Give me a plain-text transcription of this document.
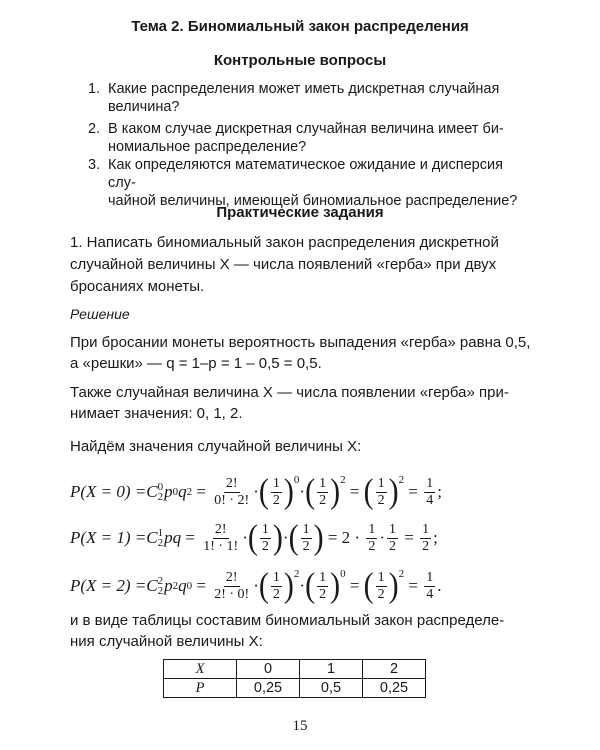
Тема 2. Биномиальный закон распределения
Контрольные вопросы
1. Какие распределения может иметь дискретная случайная
величина?
2. В каком случае дискретная случайная величина имеет би-
номиальное распределение?
3. Как определяются математическое ожидание и дисперсия слу-
чайной величины, имеющей биномиальное распределение?
Практические задания
1. Написать биномиальный закон распределения дискретной
случайной величины X — числа появлений «герба» при двух
бросаниях монеты.
Решение
При бросании монеты вероятность выпадения «герба» равна 0,5,
а «решки» — q = 1–p = 1 – 0,5 = 0,5.
Также случайная величина X — числа появлении «герба» при-
нимает значения: 0, 1, 2.
Найдём значения случайной величины X:
P(X = 0) = C 0
2 p 0 q $2 = \frac{2!}{0! \cdot 2!}$ · ( $\frac{1}{2}$ ) 0
· ( $\frac{1}{2}$ ) 2
= ( $\frac{1}{2}$ ) 2
= $\frac{1}{4}$ ;
P(X = 1) = C 1
2 pq = $\frac{2!}{1! \cdot 1!}$ · ( $\frac{1}{2}$ ) · ( $\frac{1}{2}$ ) = $2 \cdot \frac{1}{2} \cdot \frac{1}{2} = \frac{1}{2}$ ;
P(X = 2) = C 2
2 p 2 q $0 = \frac{2!}{2! \cdot 0!}$ · ( $\frac{1}{2}$ ) 2
· ( $\frac{1}{2}$ ) 0
= ( $\frac{1}{2}$ ) 2
= $\frac{1}{4}$ .
и в виде таблицы составим биномиальный закон распределе-
ния случайной величины X:
X	0	1	2
P	0,25	0,5	0,25
15
